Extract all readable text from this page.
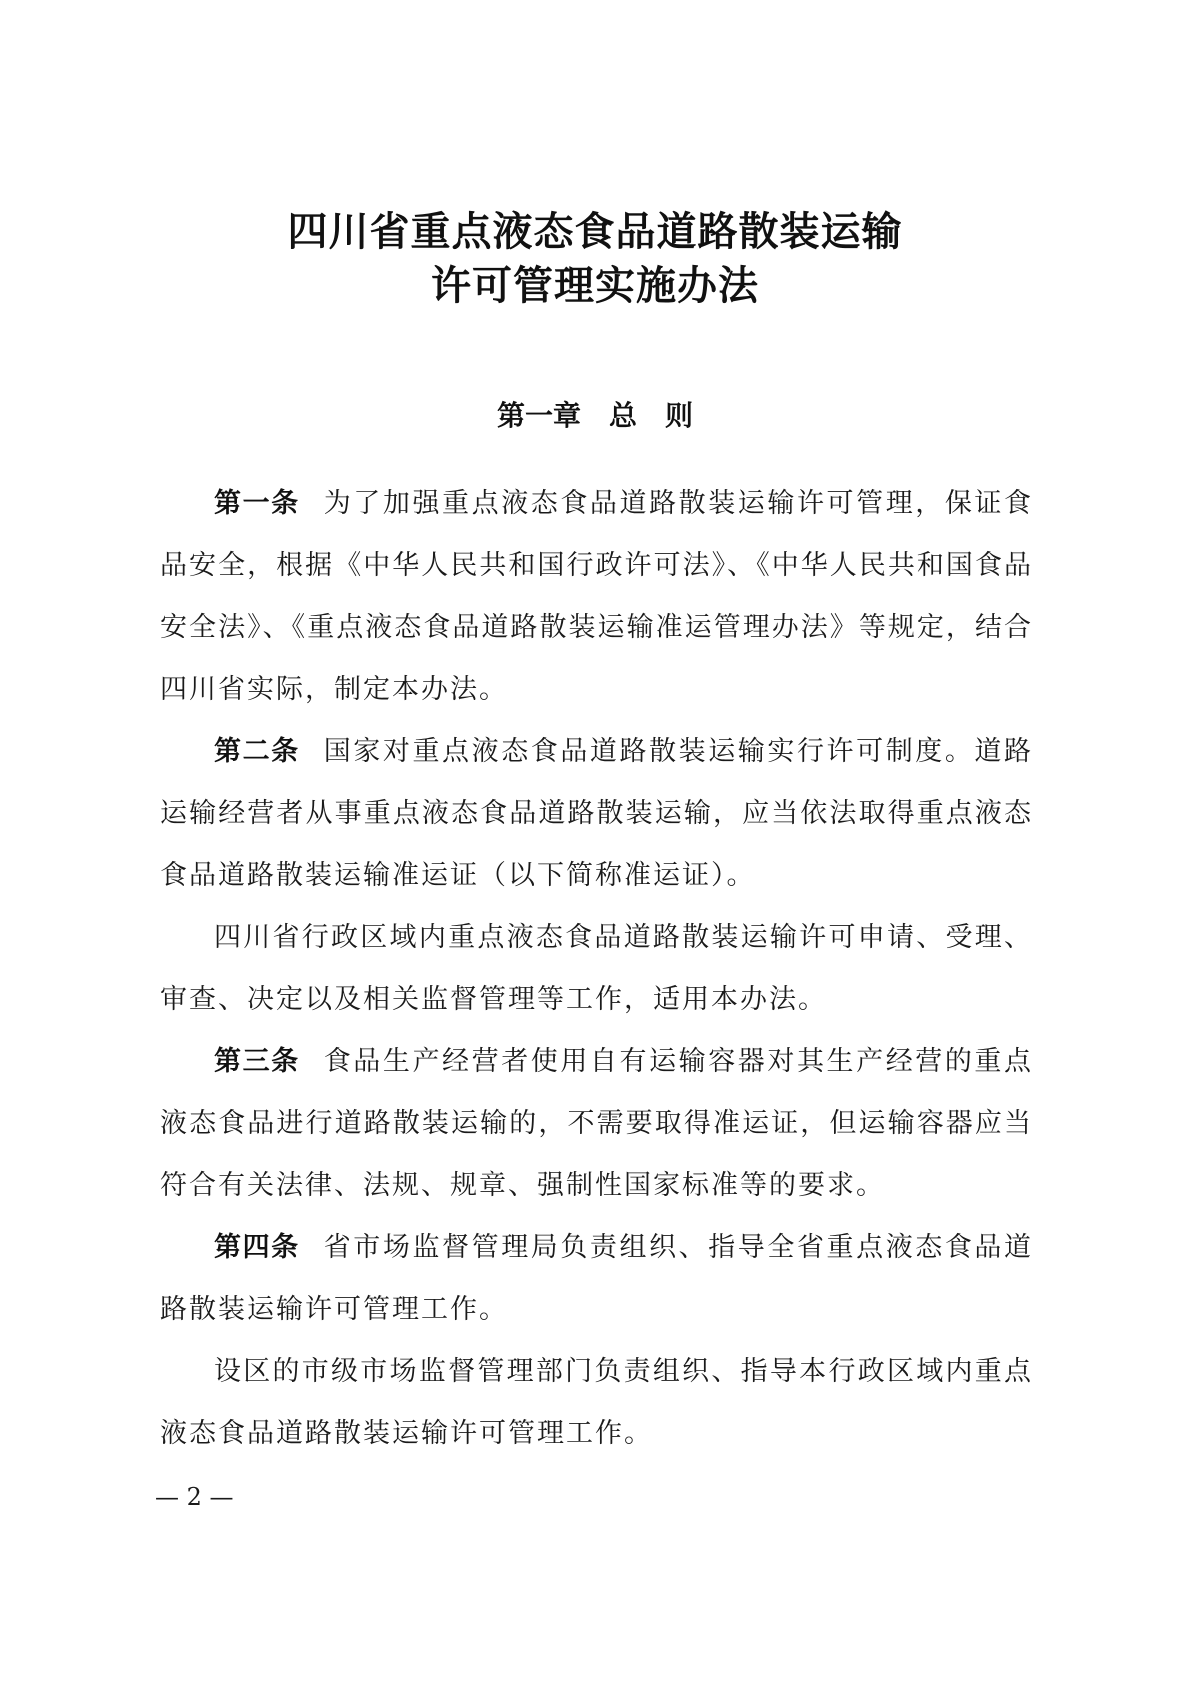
四川省重点液态食品道路散装运输
许可管理实施办法
第一章　总　则

第一条 为了加强重点液态食品道路散装运输许可管理，保证食品安全，根据《中华人民共和国行政许可法》、《中华人民共和国食品安全法》、《重点液态食品道路散装运输准运管理办法》等规定，结合四川省实际，制定本办法。

第二条 国家对重点液态食品道路散装运输实行许可制度。道路运输经营者从事重点液态食品道路散装运输，应当依法取得重点液态食品道路散装运输准运证（以下简称准运证）。

四川省行政区域内重点液态食品道路散装运输许可申请、受理、审查、决定以及相关监督管理等工作，适用本办法。

第三条 食品生产经营者使用自有运输容器对其生产经营的重点液态食品进行道路散装运输的，不需要取得准运证，但运输容器应当符合有关法律、法规、规章、强制性国家标准等的要求。

第四条 省市场监督管理局负责组织、指导全省重点液态食品道路散装运输许可管理工作。

设区的市级市场监督管理部门负责组织、指导本行政区域内重点液态食品道路散装运输许可管理工作。

— 2 —
